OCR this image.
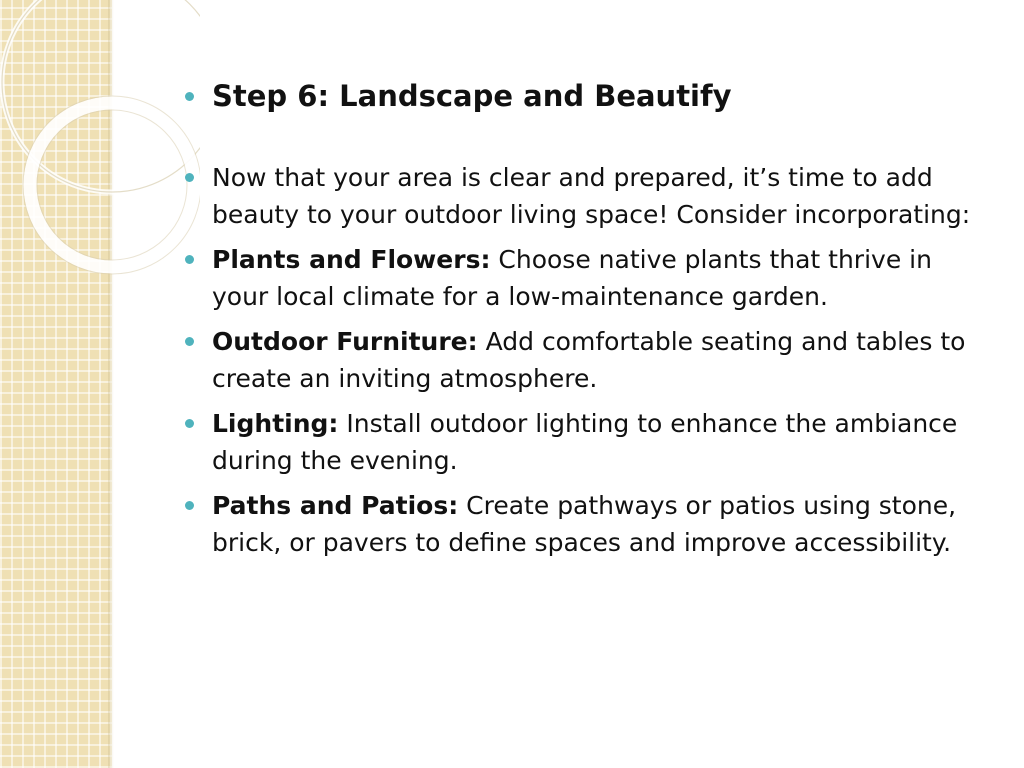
Step 6: Landscape and Beautify
Now that your area is clear and prepared, it’s time to add beauty to your outdoor living space! Consider incorporating:
Plants and Flowers: Choose native plants that thrive in your local climate for a low-maintenance garden.
Outdoor Furniture: Add comfortable seating and tables to create an inviting atmosphere.
Lighting: Install outdoor lighting to enhance the ambiance during the evening.
Paths and Patios: Create pathways or patios using stone, brick, or pavers to define spaces and improve accessibility.
